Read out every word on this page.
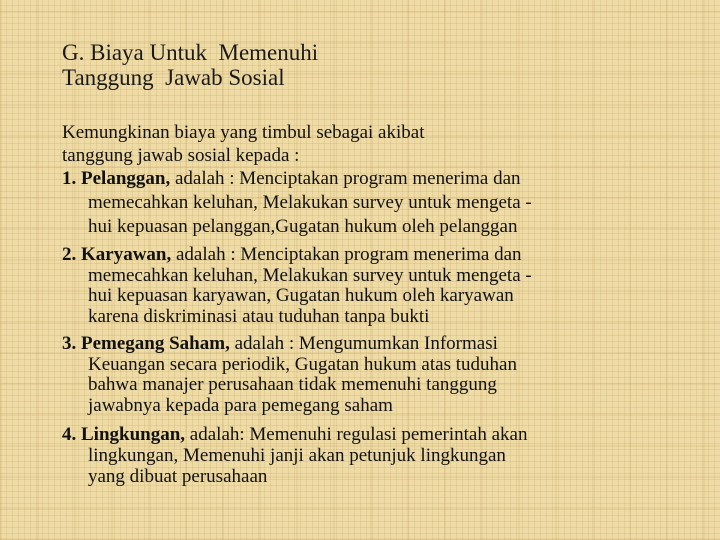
G. Biaya Untuk  Memenuhi
Tanggung  Jawab Sosial

Kemungkinan biaya yang timbul sebagai akibat
tanggung jawab sosial kepada :

1. Pelanggan, adalah : Menciptakan program menerima dan
memecahkan keluhan, Melakukan survey untuk mengeta -
hui kepuasan pelanggan,Gugatan hukum oleh pelanggan

2. Karyawan, adalah : Menciptakan program menerima dan
memecahkan keluhan, Melakukan survey untuk mengeta -
hui kepuasan karyawan, Gugatan hukum oleh karyawan
karena diskriminasi atau tuduhan tanpa bukti

3. Pemegang Saham, adalah : Mengumumkan Informasi
Keuangan secara periodik, Gugatan hukum atas tuduhan
bahwa manajer perusahaan tidak memenuhi tanggung
jawabnya kepada para pemegang saham

4. Lingkungan, adalah: Memenuhi regulasi pemerintah akan
lingkungan, Memenuhi janji akan petunjuk lingkungan
yang dibuat perusahaan
